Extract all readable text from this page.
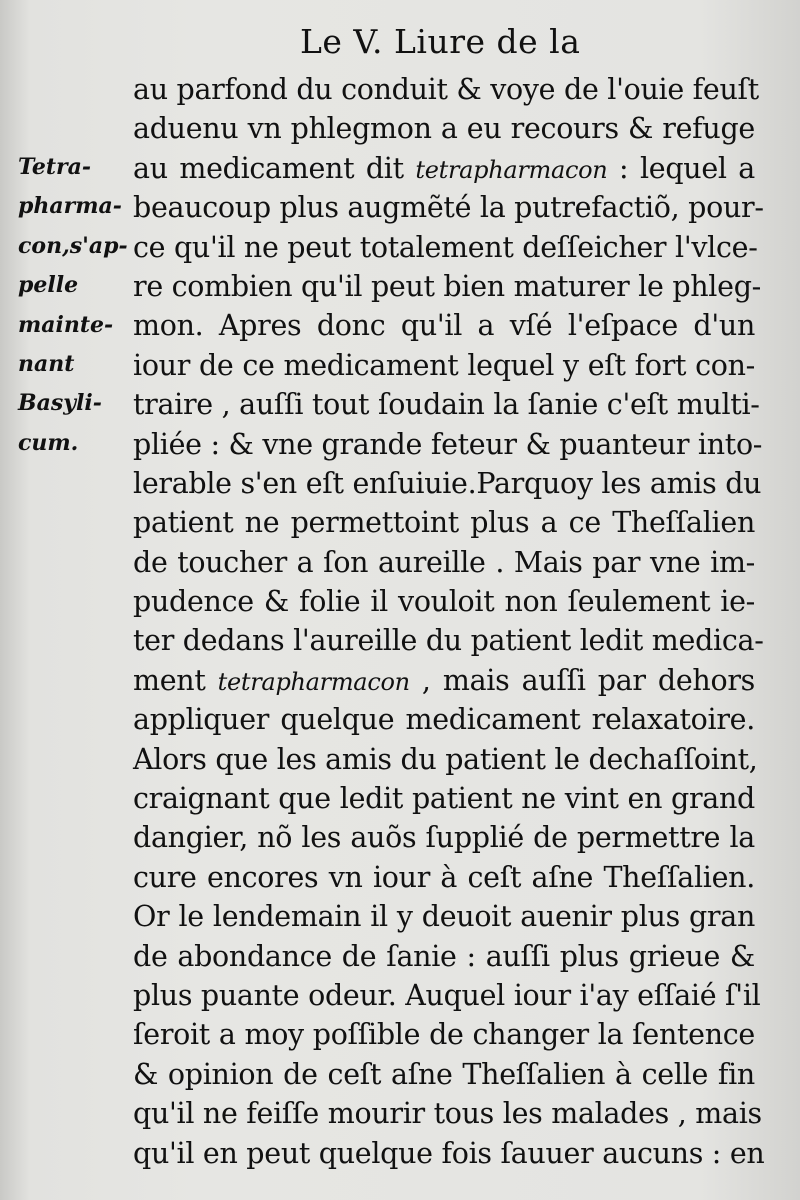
Le V. Liure de la
Tetra-
pharma-
con,s'ap-
pelle
mainte-
nant
Basyli-
cum.
au parfond du conduit & voye de l'ouie feuſt
aduenu vn phlegmon a eu recours & refuge
au medicament dit tetrapharmacon : lequel a
beaucoup plus augmẽté la putrefactiõ, pour-
ce qu'il ne peut totalement deſſeicher l'vlce-
re combien qu'il peut bien maturer le phleg-
mon. Apres donc qu'il a vſé l'eſpace d'un
iour de ce medicament lequel y eſt fort con-
traire , auſſi tout ſoudain la ſanie c'eſt multi-
pliée : & vne grande feteur & puanteur into-
lerable s'en eſt enſuiuie.Parquoy les amis du
patient ne permettoint plus a ce Theſſalien
de toucher a ſon aureille . Mais par vne im-
pudence & folie il vouloit non ſeulement ie-
ter dedans l'aureille du patient ledit medica-
ment tetrapharmacon , mais auſſi par dehors
appliquer quelque medicament relaxatoire.
Alors que les amis du patient le dechaſſoint,
craignant que ledit patient ne vint en grand
dangier, nõ les auõs ſupplié de permettre la
cure encores vn iour à ceſt aſne Theſſalien.
Or le lendemain il y deuoit auenir plus gran
de abondance de ſanie : auſſi plus grieue &
plus puante odeur. Auquel iour i'ay eſſaié ſ'il
ſeroit a moy poſſible de changer la ſentence
& opinion de ceſt aſne Theſſalien à celle fin
qu'il ne feiſſe mourir tous les malades , mais
qu'il en peut quelque fois ſauuer aucuns : en
